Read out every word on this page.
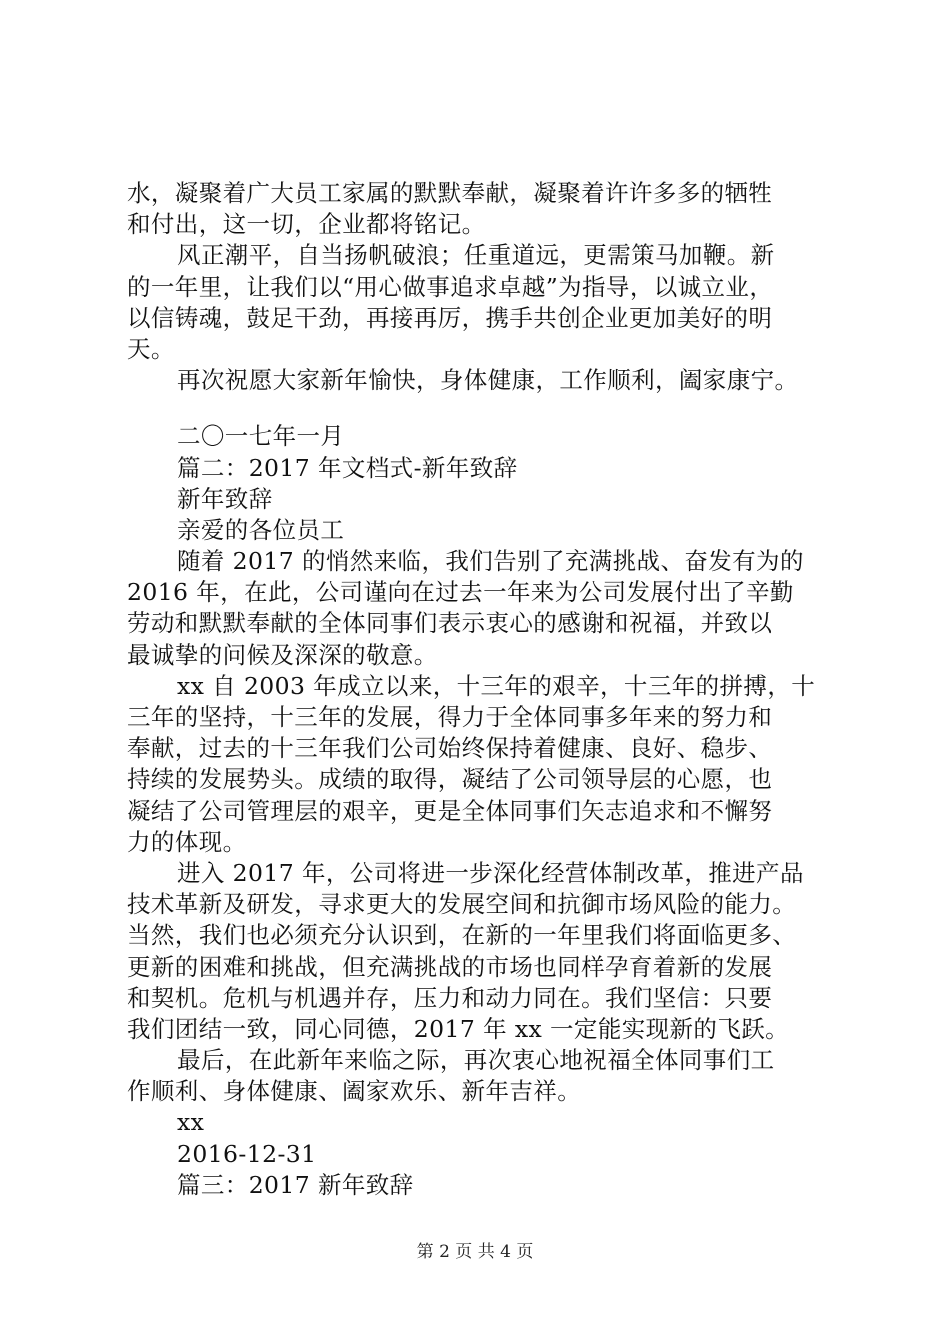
水，凝聚着广大员工家属的默默奉献，凝聚着许许多多的牺牲
和付出，这一切，企业都将铭记。
风正潮平，自当扬帆破浪；任重道远，更需策马加鞭。新
的一年里，让我们以“用心做事追求卓越”为指导，以诚立业，
以信铸魂，鼓足干劲，再接再厉，携手共创企业更加美好的明
天。
再次祝愿大家新年愉快，身体健康，工作顺利，阖家康宁。
二〇一七年一月
篇二：2017 年文档式-新年致辞
新年致辞
亲爱的各位员工
随着 2017 的悄然来临，我们告别了充满挑战、奋发有为的
2016 年，在此，公司谨向在过去一年来为公司发展付出了辛勤
劳动和默默奉献的全体同事们表示衷心的感谢和祝福，并致以
最诚挚的问候及深深的敬意。
xx 自 2003 年成立以来，十三年的艰辛，十三年的拼搏，十
三年的坚持，十三年的发展，得力于全体同事多年来的努力和
奉献，过去的十三年我们公司始终保持着健康、良好、稳步、
持续的发展势头。成绩的取得，凝结了公司领导层的心愿，也
凝结了公司管理层的艰辛，更是全体同事们矢志追求和不懈努
力的体现。
进入 2017 年，公司将进一步深化经营体制改革，推进产品
技术革新及研发，寻求更大的发展空间和抗御市场风险的能力。
当然，我们也必须充分认识到，在新的一年里我们将面临更多、
更新的困难和挑战，但充满挑战的市场也同样孕育着新的发展
和契机。危机与机遇并存，压力和动力同在。我们坚信：只要
我们团结一致，同心同德，2017 年 xx 一定能实现新的飞跃。
最后，在此新年来临之际，再次衷心地祝福全体同事们工
作顺利、身体健康、阖家欢乐、新年吉祥。
xx
2016-12-31
篇三：2017 新年致辞
第 2 页 共 4 页
